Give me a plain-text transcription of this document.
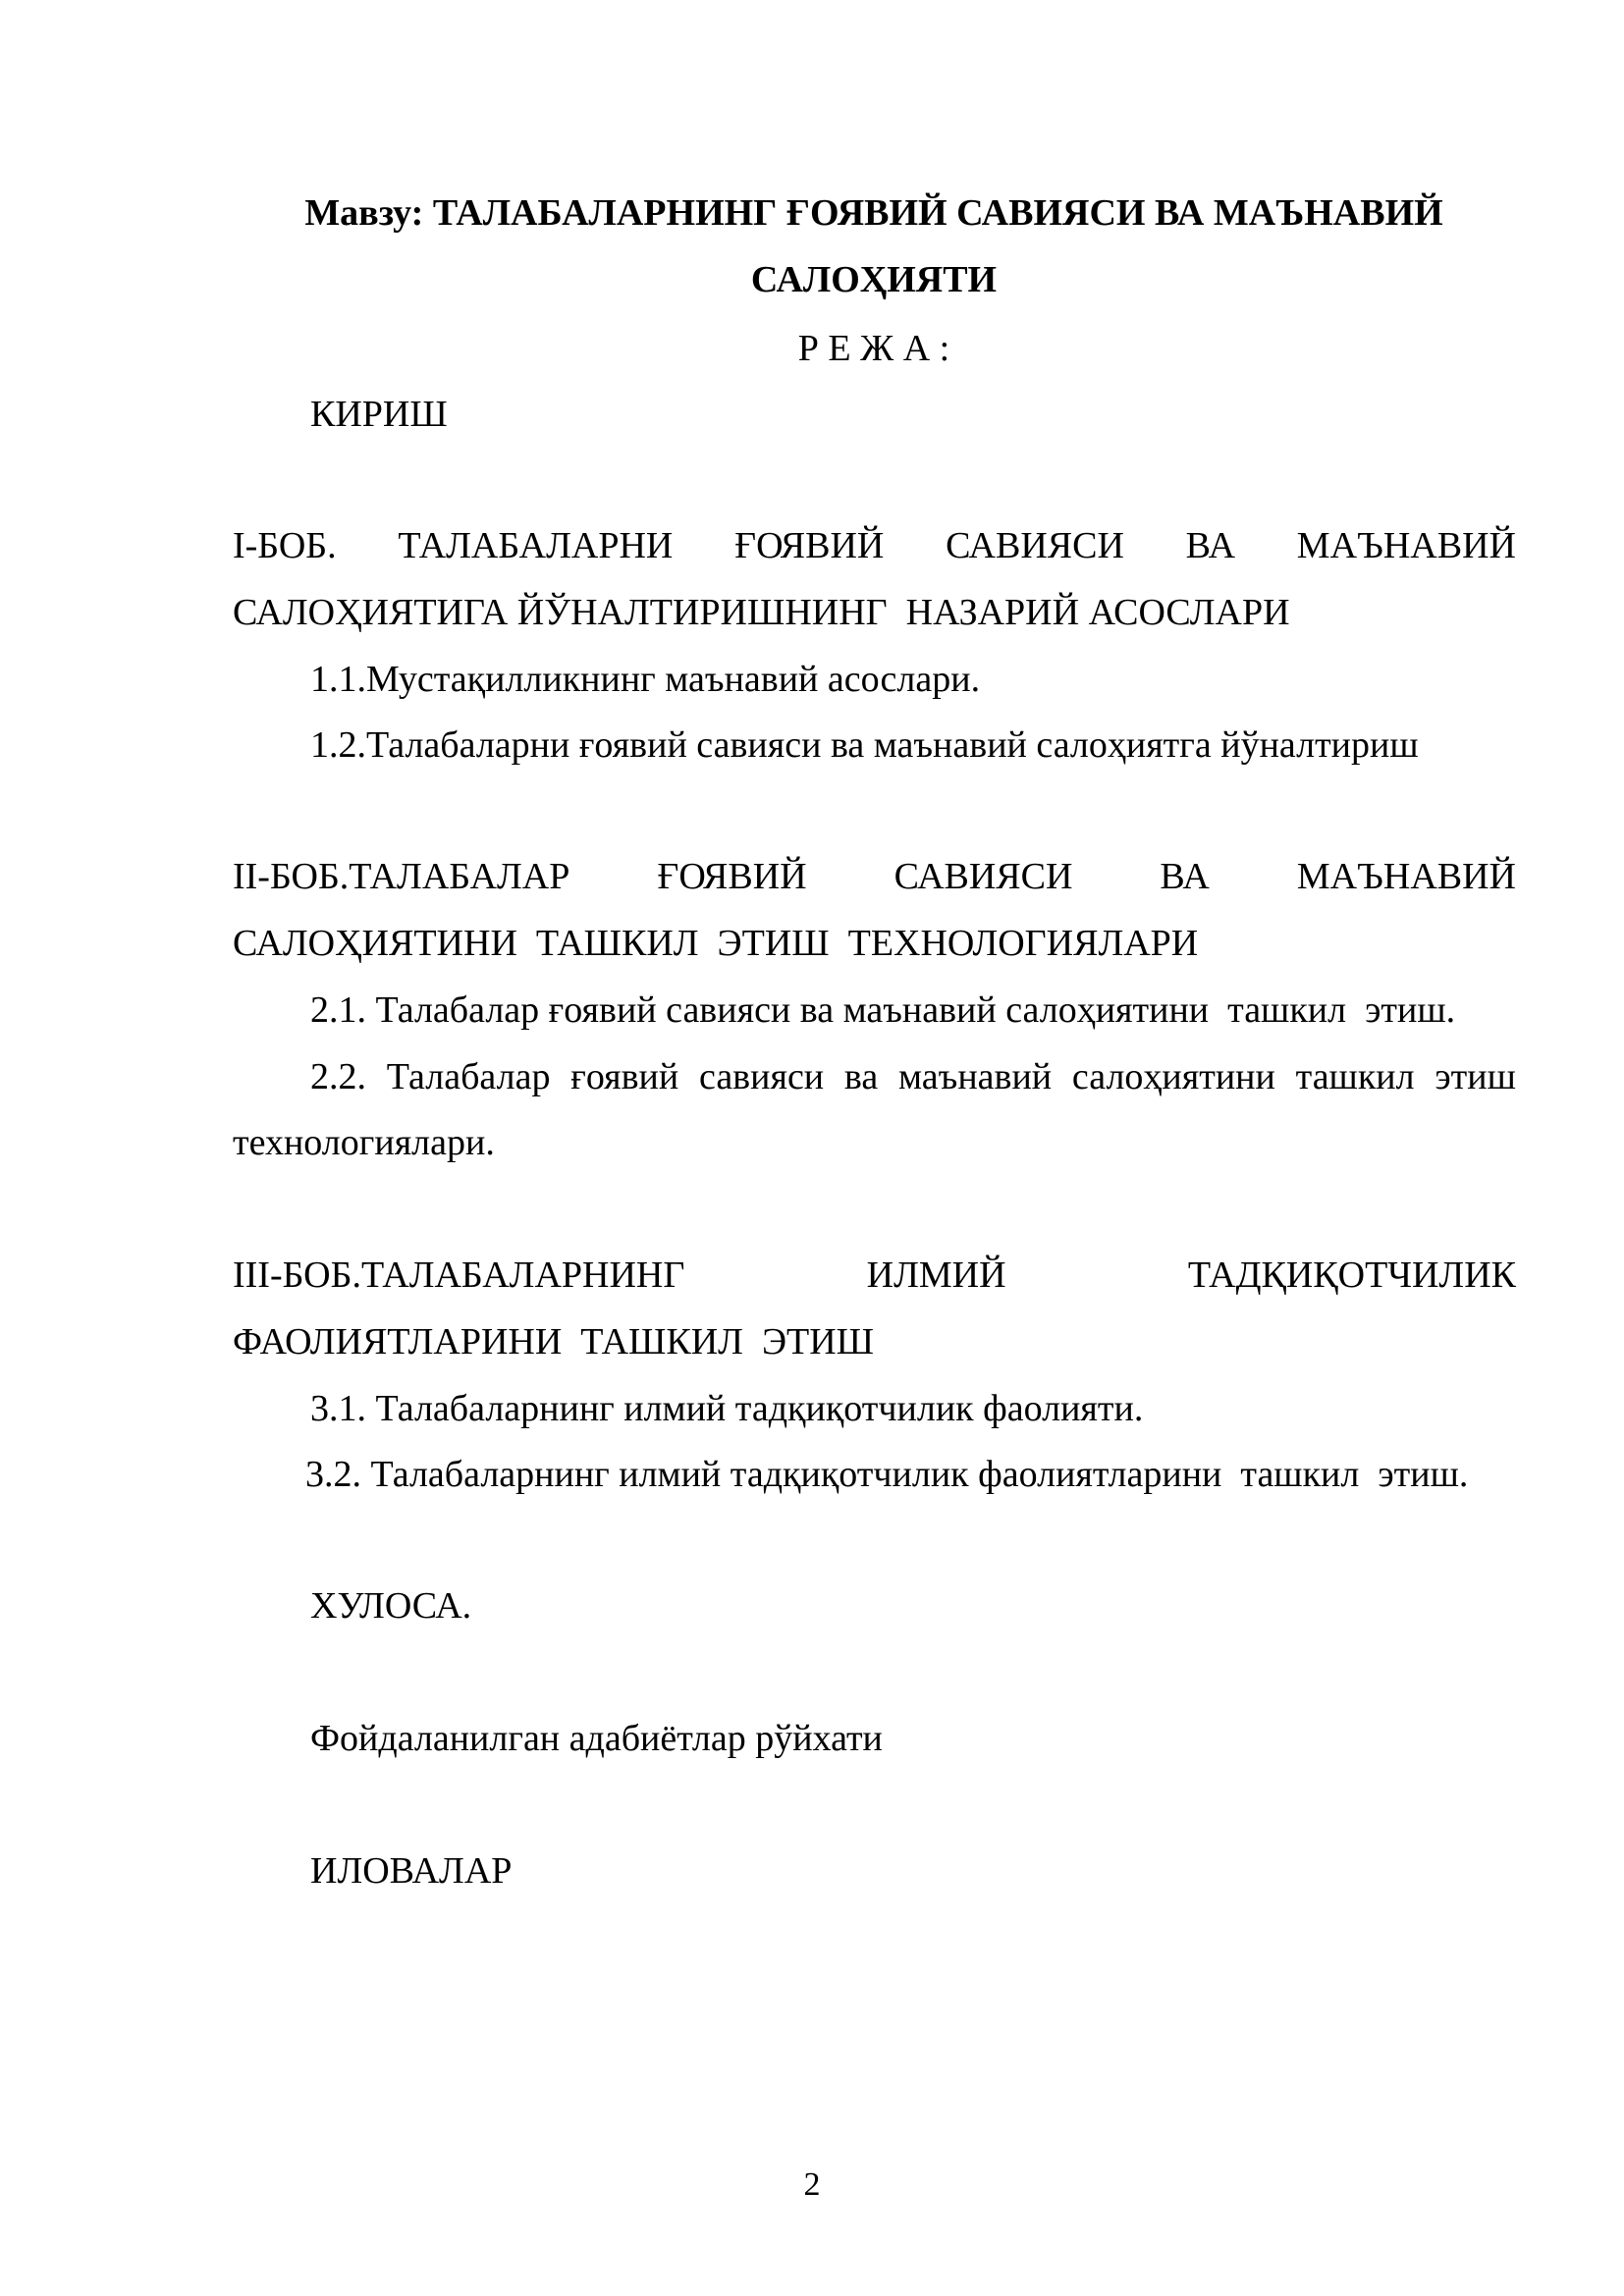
Мавзу: ТАЛАБАЛАРНИНГ ҒОЯВИЙ САВИЯСИ ВА МАЪНАВИЙ
САЛОҲИЯТИ
Р Е Ж А :
КИРИШ
I-БОБ. ТАЛАБАЛАРНИ ҒОЯВИЙ САВИЯСИ ВА МАЪНАВИЙ
САЛОҲИЯТИГА ЙЎНАЛТИРИШНИНГ  НАЗАРИЙ АСОСЛАРИ
1.1.Мустақилликнинг маънавий асослари.
1.2.Талабаларни ғоявий савияси ва маънавий салоҳиятга йўналтириш
II-БОБ.ТАЛАБАЛАР ҒОЯВИЙ САВИЯСИ ВА МАЪНАВИЙ
САЛОҲИЯТИНИ  ТАШКИЛ  ЭТИШ  ТЕХНОЛОГИЯЛАРИ
2.1. Талабалар ғоявий савияси ва маънавий салоҳиятини  ташкил  этиш.
2.2. Талабалар ғоявий савияси ва маънавий салоҳиятини ташкил этиш
технологиялари.
III-БОБ.ТАЛАБАЛАРНИНГ	ИЛМИЙ	ТАДҚИҚОТЧИЛИК
ФАОЛИЯТЛАРИНИ  ТАШКИЛ  ЭТИШ
3.1. Талабаларнинг илмий тадқиқотчилик фаолияти.
3.2. Талабаларнинг илмий тадқиқотчилик фаолиятларини  ташкил  этиш.
ХУЛОСА.
Фойдаланилган адабиётлар рўйхати
ИЛОВАЛАР
2
